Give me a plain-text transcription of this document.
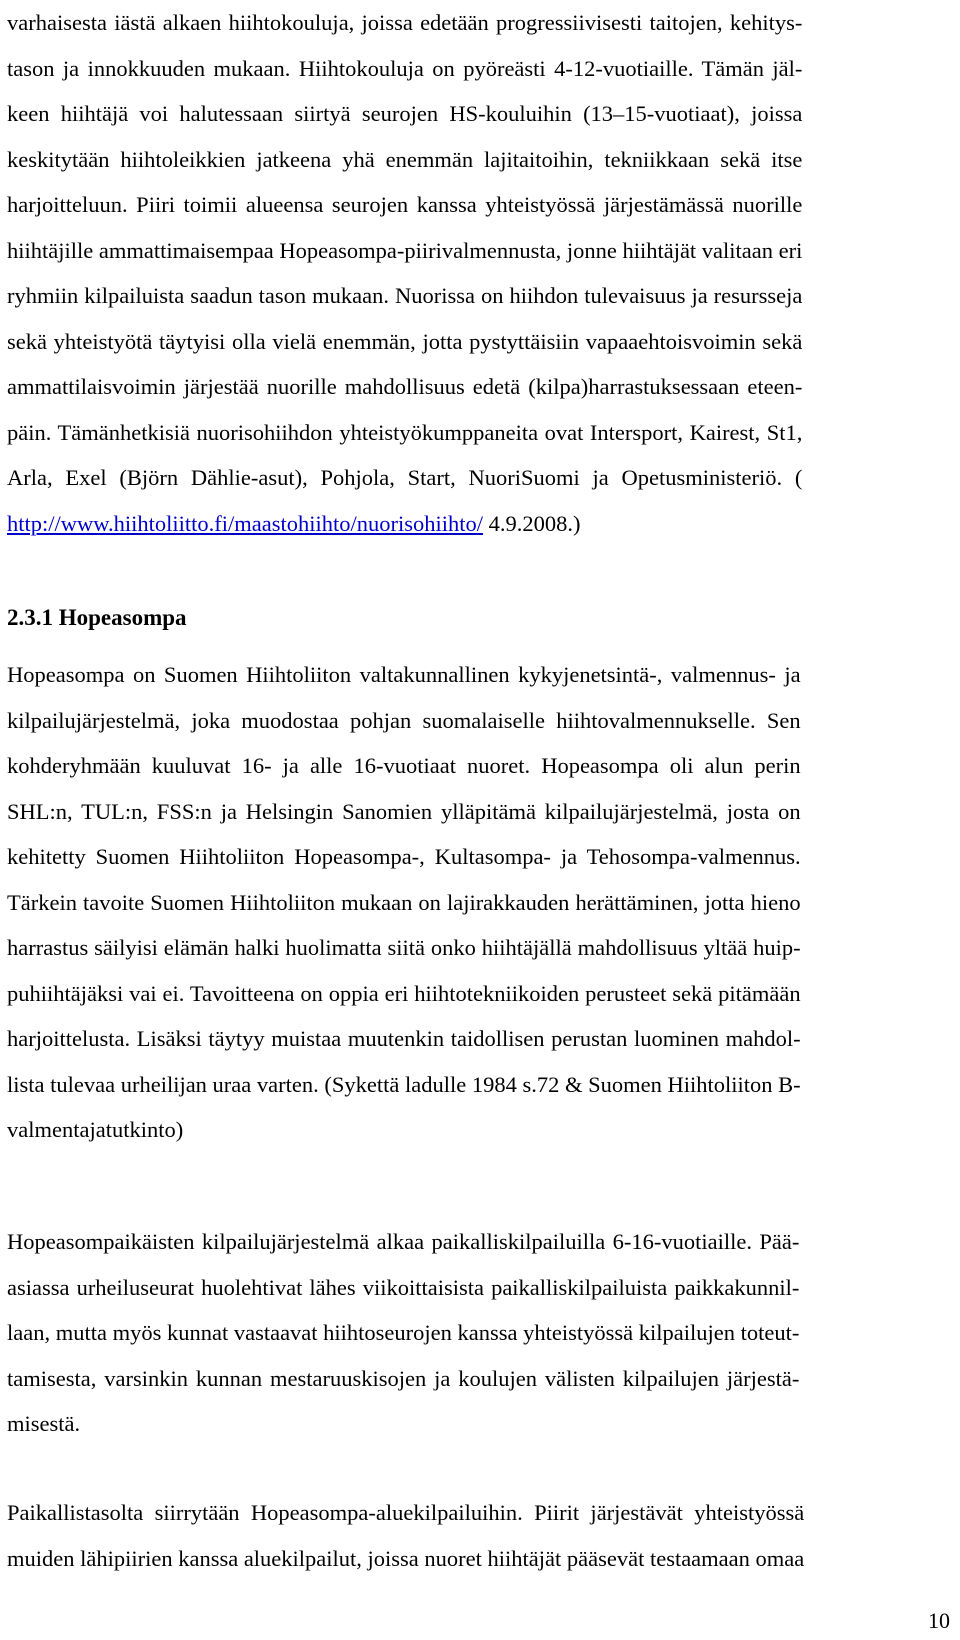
varhaisesta iästä alkaen hiihtokouluja, joissa edetään progressiivisesti taitojen, kehitys-
tason ja innokkuuden mukaan. Hiihtokouluja on pyöreästi 4-12-vuotiaille. Tämän jäl-
keen hiihtäjä voi halutessaan siirtyä seurojen HS-kouluihin (13–15-vuotiaat), joissa
keskitytään hiihtoleikkien jatkeena yhä enemmän lajitaitoihin, tekniikkaan sekä itse
harjoitteluun. Piiri toimii alueensa seurojen kanssa yhteistyössä järjestämässä nuorille
hiihtäjille ammattimaisempaa Hopeasompa-piirivalmennusta, jonne hiihtäjät valitaan eri
ryhmiin kilpailuista saadun tason mukaan. Nuorissa on hiihdon tulevaisuus ja resursseja
sekä yhteistyötä täytyisi olla vielä enemmän, jotta pystyttäisiin vapaaehtoisvoimin sekä
ammattilaisvoimin järjestää nuorille mahdollisuus edetä (kilpa)harrastuksessaan eteen-
päin. Tämänhetkisiä nuorisohiihdon yhteistyökumppaneita ovat Intersport, Kairest, St1,
Arla, Exel (Björn Dählie-asut), Pohjola, Start, NuoriSuomi ja Opetusministeriö. (
http://www.hiihtoliitto.fi/maastohiihto/nuorisohiihto/ 4.9.2008.)
2.3.1 Hopeasompa
Hopeasompa on Suomen Hiihtoliiton valtakunnallinen kykyjenetsintä-, valmennus- ja
kilpailujärjestelmä, joka muodostaa pohjan suomalaiselle hiihtovalmennukselle. Sen
kohderyhmään kuuluvat 16- ja alle 16-vuotiaat nuoret. Hopeasompa oli alun perin
SHL:n, TUL:n, FSS:n ja Helsingin Sanomien ylläpitämä kilpailujärjestelmä, josta on
kehitetty Suomen Hiihtoliiton Hopeasompa-, Kultasompa- ja Tehosompa-valmennus.
Tärkein tavoite Suomen Hiihtoliiton mukaan on lajirakkauden herättäminen, jotta hieno
harrastus säilyisi elämän halki huolimatta siitä onko hiihtäjällä mahdollisuus yltää huip-
puhiihtäjäksi vai ei. Tavoitteena on oppia eri hiihtotekniikoiden perusteet sekä pitämään
harjoittelusta. Lisäksi täytyy muistaa muutenkin taidollisen perustan luominen mahdol-
lista tulevaa urheilijan uraa varten. (Sykettä ladulle 1984 s.72 & Suomen Hiihtoliiton B-
valmentajatutkinto)
Hopeasompaikäisten kilpailujärjestelmä alkaa paikalliskilpailuilla 6-16-vuotiaille. Pää-
asiassa urheiluseurat huolehtivat lähes viikoittaisista paikalliskilpailuista paikkakunnil-
laan, mutta myös kunnat vastaavat hiihtoseurojen kanssa yhteistyössä kilpailujen toteut-
tamisesta, varsinkin kunnan mestaruuskisojen ja koulujen välisten kilpailujen järjestä-
misestä.
Paikallistasolta siirrytään Hopeasompa-aluekilpailuihin. Piirit järjestävät yhteistyössä
muiden lähipiirien kanssa aluekilpailut, joissa nuoret hiihtäjät pääsevät testaamaan omaa
10
